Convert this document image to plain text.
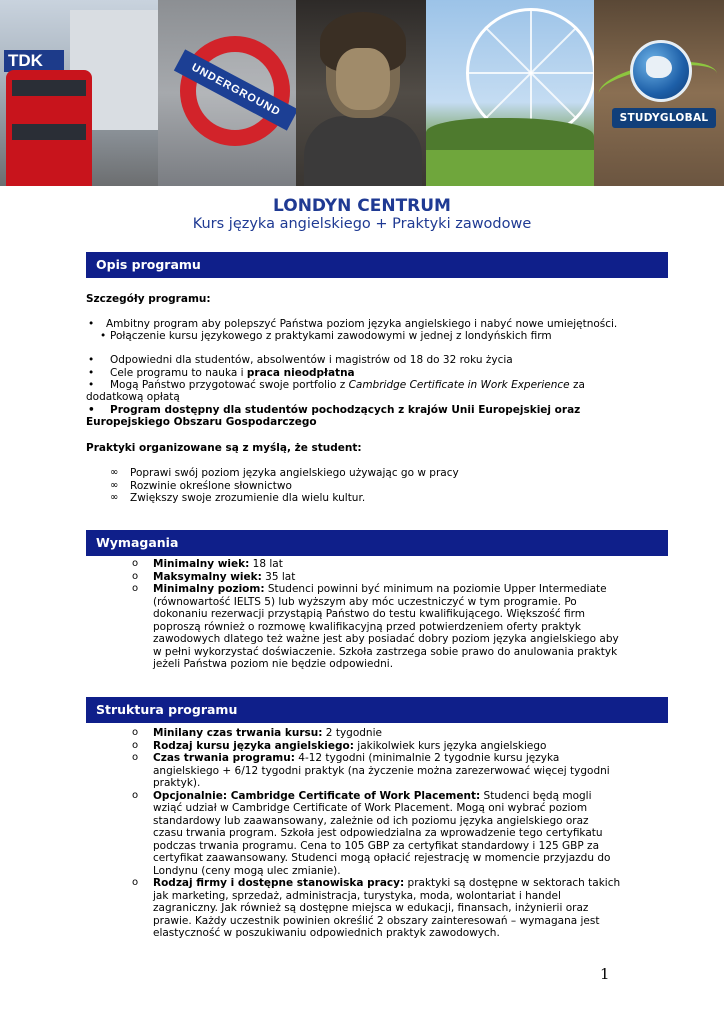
TDK
UNDERGROUND	STUDYGLOBAL
LONDYN CENTRUM
Kurs języka angielskiego + Praktyki zawodowe
Opis programu
Szczegóły programu:
• Ambitny program aby polepszyć Państwa poziom języka angielskiego i nabyć nowe umiejętności.
• Połączenie kursu językowego z praktykami zawodowymi w jednej z londyńskich firm
• Odpowiedni dla studentów, absolwentów i magistrów od 18 do 32 roku życia
• Cele programu to nauka i praca nieodpłatna
• Mogą Państwo przygotować swoje portfolio z Cambridge Certificate in Work Experience za
dodatkową opłatą
• Program dostępny dla studentów pochodzących z krajów Unii Europejskiej oraz
Europejskiego Obszaru Gospodarczego
Praktyki organizowane są z myślą, że student:
∞ Poprawi swój poziom języka angielskiego używając go w pracy
∞ Rozwinie określone słownictwo
∞ Zwiększy swoje zrozumienie dla wielu kultur.
Wymagania
o Minimalny wiek: 18 lat
o Maksymalny wiek: 35 lat
o Minimalny poziom: Studenci powinni być minimum na poziomie Upper Intermediate
(równowartość IELTS 5) lub wyższym aby móc uczestniczyć w tym programie. Po
dokonaniu rezerwacji przystąpią Państwo do testu kwalifikującego. Większość firm
poproszą również o rozmowę kwalifikacyjną przed potwierdzeniem oferty praktyk
zawodowych dlatego też ważne jest aby posiadać dobry poziom języka angielskiego aby
w pełni wykorzystać doświaczenie. Szkoła zastrzega sobie prawo do anulowania praktyk
jeżeli Państwa poziom nie będzie odpowiedni.
Struktura programu
o Minilany czas trwania kursu: 2 tygodnie
o Rodzaj kursu języka angielskiego: jakikolwiek kurs języka angielskiego
o Czas trwania programu: 4-12 tygodni (minimalnie 2 tygodnie kursu języka
angielskiego + 6/12 tygodni praktyk (na życzenie można zarezerwować więcej tygodni
praktyk).
o Opcjonalnie: Cambridge Certificate of Work Placement: Studenci będą mogli
wziąć udział w Cambridge Certificate of Work Placement. Mogą oni wybrać poziom
standardowy lub zaawansowany, zależnie od ich poziomu języka angielskiego oraz
czasu trwania program. Szkoła jest odpowiedzialna za wprowadzenie tego certyfikatu
podczas trwania programu. Cena to 105 GBP za certyfikat standardowy i 125 GBP za
certyfikat zaawansowany. Studenci mogą opłacić rejestrację w momencie przyjazdu do
Londynu (ceny mogą ulec zmianie).
o Rodzaj firmy i dostępne stanowiska pracy: praktyki są dostępne w sektorach takich
jak marketing, sprzedaż, administracja, turystyka, moda, wolontariat i handel
zagraniczny. Jak również są dostępne miejsca w edukacji, finansach, inżynierii oraz
prawie. Każdy uczestnik powinien określić 2 obszary zainteresowań – wymagana jest
elastyczność w poszukiwaniu odpowiednich praktyk zawodowych.
1
